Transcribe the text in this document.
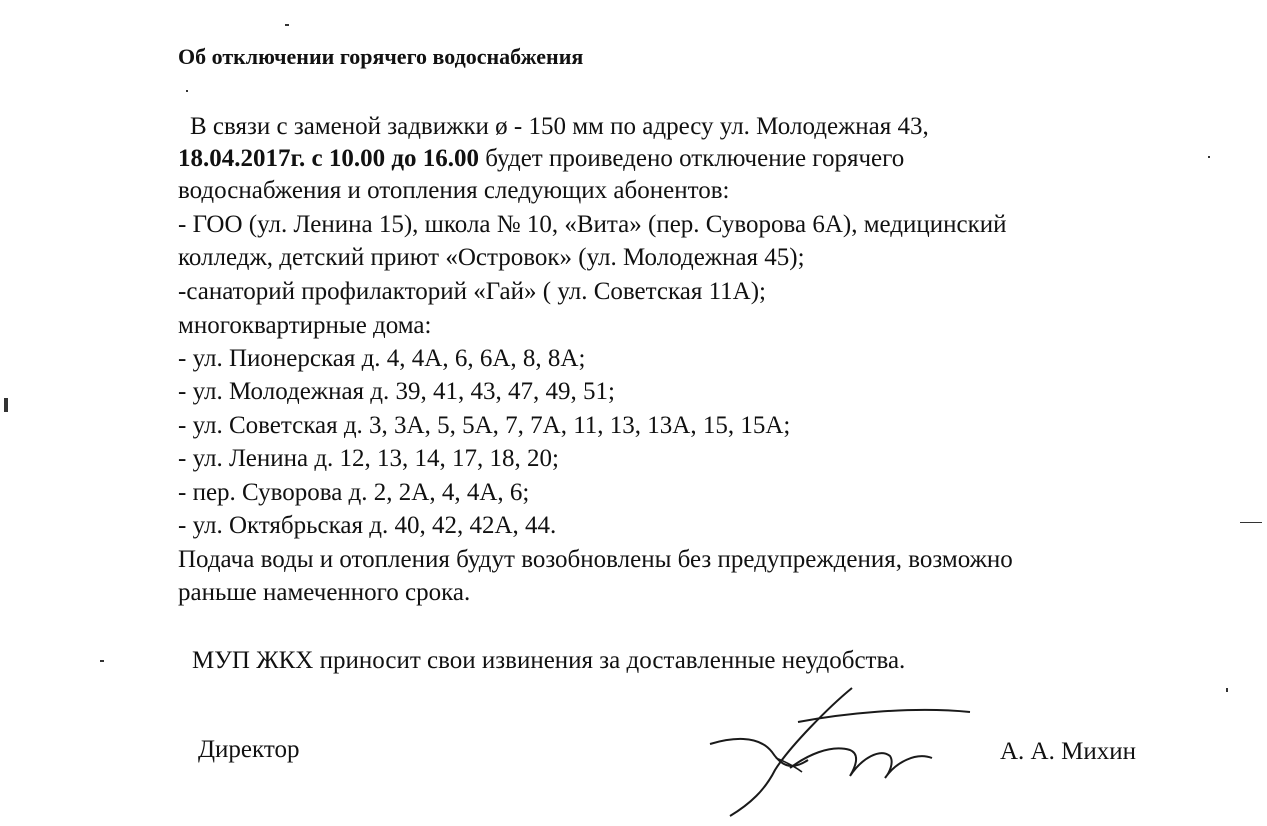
Об отключении горячего водоснабжения
В связи с заменой задвижки ø - 150 мм по адресу ул. Молодежная 43,
18.04.2017г. с 10.00 до 16.00 будет проиведено отключение горячего
водоснабжения и отопления следующих абонентов:
- ГОО (ул. Ленина 15), школа № 10, «Вита» (пер. Суворова 6А), медицинский
колледж, детский приют «Островок» (ул. Молодежная 45);
-санаторий профилакторий «Гай» ( ул. Советская 11А);
многоквартирные дома:
- ул. Пионерская д. 4, 4А, 6, 6А, 8, 8А;
- ул. Молодежная д. 39, 41, 43, 47, 49, 51;
- ул. Советская д. 3, 3А, 5, 5А, 7, 7А, 11, 13, 13А, 15, 15А;
- ул. Ленина д. 12, 13, 14, 17, 18, 20;
- пер. Суворова д. 2, 2А, 4, 4А, 6;
- ул. Октябрьская д. 40, 42, 42А, 44.
Подача воды и отопления будут возобновлены без предупреждения, возможно
раньше намеченного срока.
МУП ЖКХ приносит свои извинения за доставленные неудобства.
Директор	А. А. Михин
